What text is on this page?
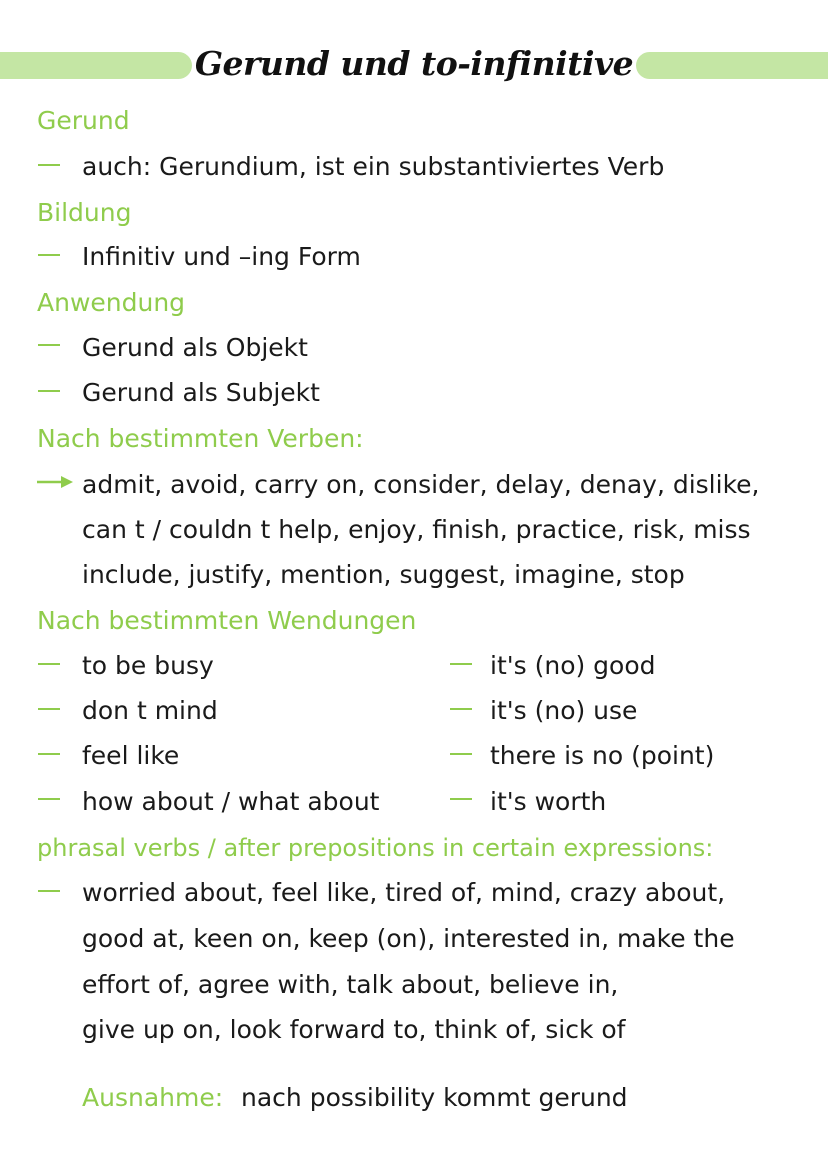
Gerund und to-infinitive
Gerund
auch: Gerundium, ist ein substantiviertes Verb
Bildung
Infinitiv und –ing Form
Anwendung
Gerund als Objekt
Gerund als Subjekt
Nach bestimmten Verben:
admit, avoid, carry on, consider, delay, denay, dislike,
can t / couldn t help, enjoy, finish, practice, risk, miss
include, justify, mention, suggest, imagine, stop
Nach bestimmten Wendungen
to be busy	it's (no) good
don t mind	it's (no) use
feel like	there is no (point)
how about / what about	it's worth
phrasal verbs / after prepositions in certain expressions:
worried about, feel like, tired of, mind, crazy about,
good at, keen on, keep (on), interested in, make the
effort of, agree with, talk about, believe in,
give up on, look forward to, think of, sick of
Ausnahme: nach possibility kommt gerund
